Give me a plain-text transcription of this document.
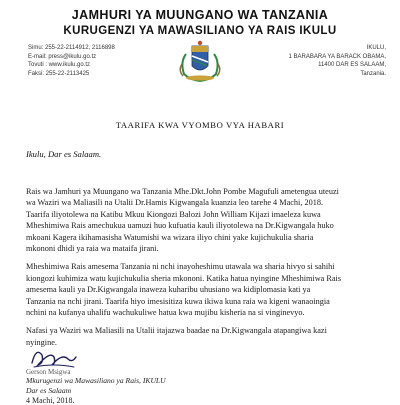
JAMHURI YA MUUNGANO WA TANZANIA
KURUGENZI YA MAWASILIANO YA RAIS IKULU
Simu: 255-22-2114912, 2116898
E-mail: press@ikulu.go.tz
Tovuti : www.ikulu.go.tz
Faksi: 255-22-2113425
IKULU,
1 BARABARA YA BARACK OBAMA,
11400 DAR ES SALAAM,
Tanzania.
TAARIFA KWA VYOMBO VYA HABARI
Ikulu, Dar es Salaam.

Rais wa Jamhuri ya Muungano wa Tanzania Mhe.Dkt.John Pombe Magufuli ametengua uteuzi
wa Waziri wa Maliasili na Utalii Dr.Hamis Kigwangala kuanzia leo tarehe 4 Machi, 2018.
Taarifa iliyotolewa na Katibu Mkuu Kiongozi Balozi John William Kijazi imaeleza kuwa
Mheshimiwa Rais amechukua uamuzi huo kufuatia kauli iliyotolewa na Dr.Kigwangala huko
mkoani Kagera ikihamasisha Watumishi wa wizara iliyo chini yake kujichukulia sharia
mkononi dhidi ya raia wa mataifa jirani.

Mheshimiwa Rais amesema Tanzania ni nchi inayoheshimu utawala wa sharia hivyo si sahihi
kiongozi kuhimiza watu kujichukulia sheria mkononi. Katika hatua nyingine Mheshimiwa Rais
amesema kauli ya Dr.Kigwangala inaweza kuharibu uhusiano wa kidiplomasia kati ya
Tanzania na nchi jirani. Taarifa hiyo imesisitiza kuwa ikiwa kuna raia wa kigeni wanaoingia
nchini na kufanya uhalifu wachukuliwe hatua kwa mujibu kisheria na si vinginevyo.

Nafasi ya Waziri wa Maliasili na Utalii itajazwa baadae na Dr.Kigwangala atapangiwa kazi
nyingine.

Gerson Msigwa
Mkurugenzi wa Mawasiliano ya Rais, IKULU
Dar es Salaam
4 Machi, 2018.
